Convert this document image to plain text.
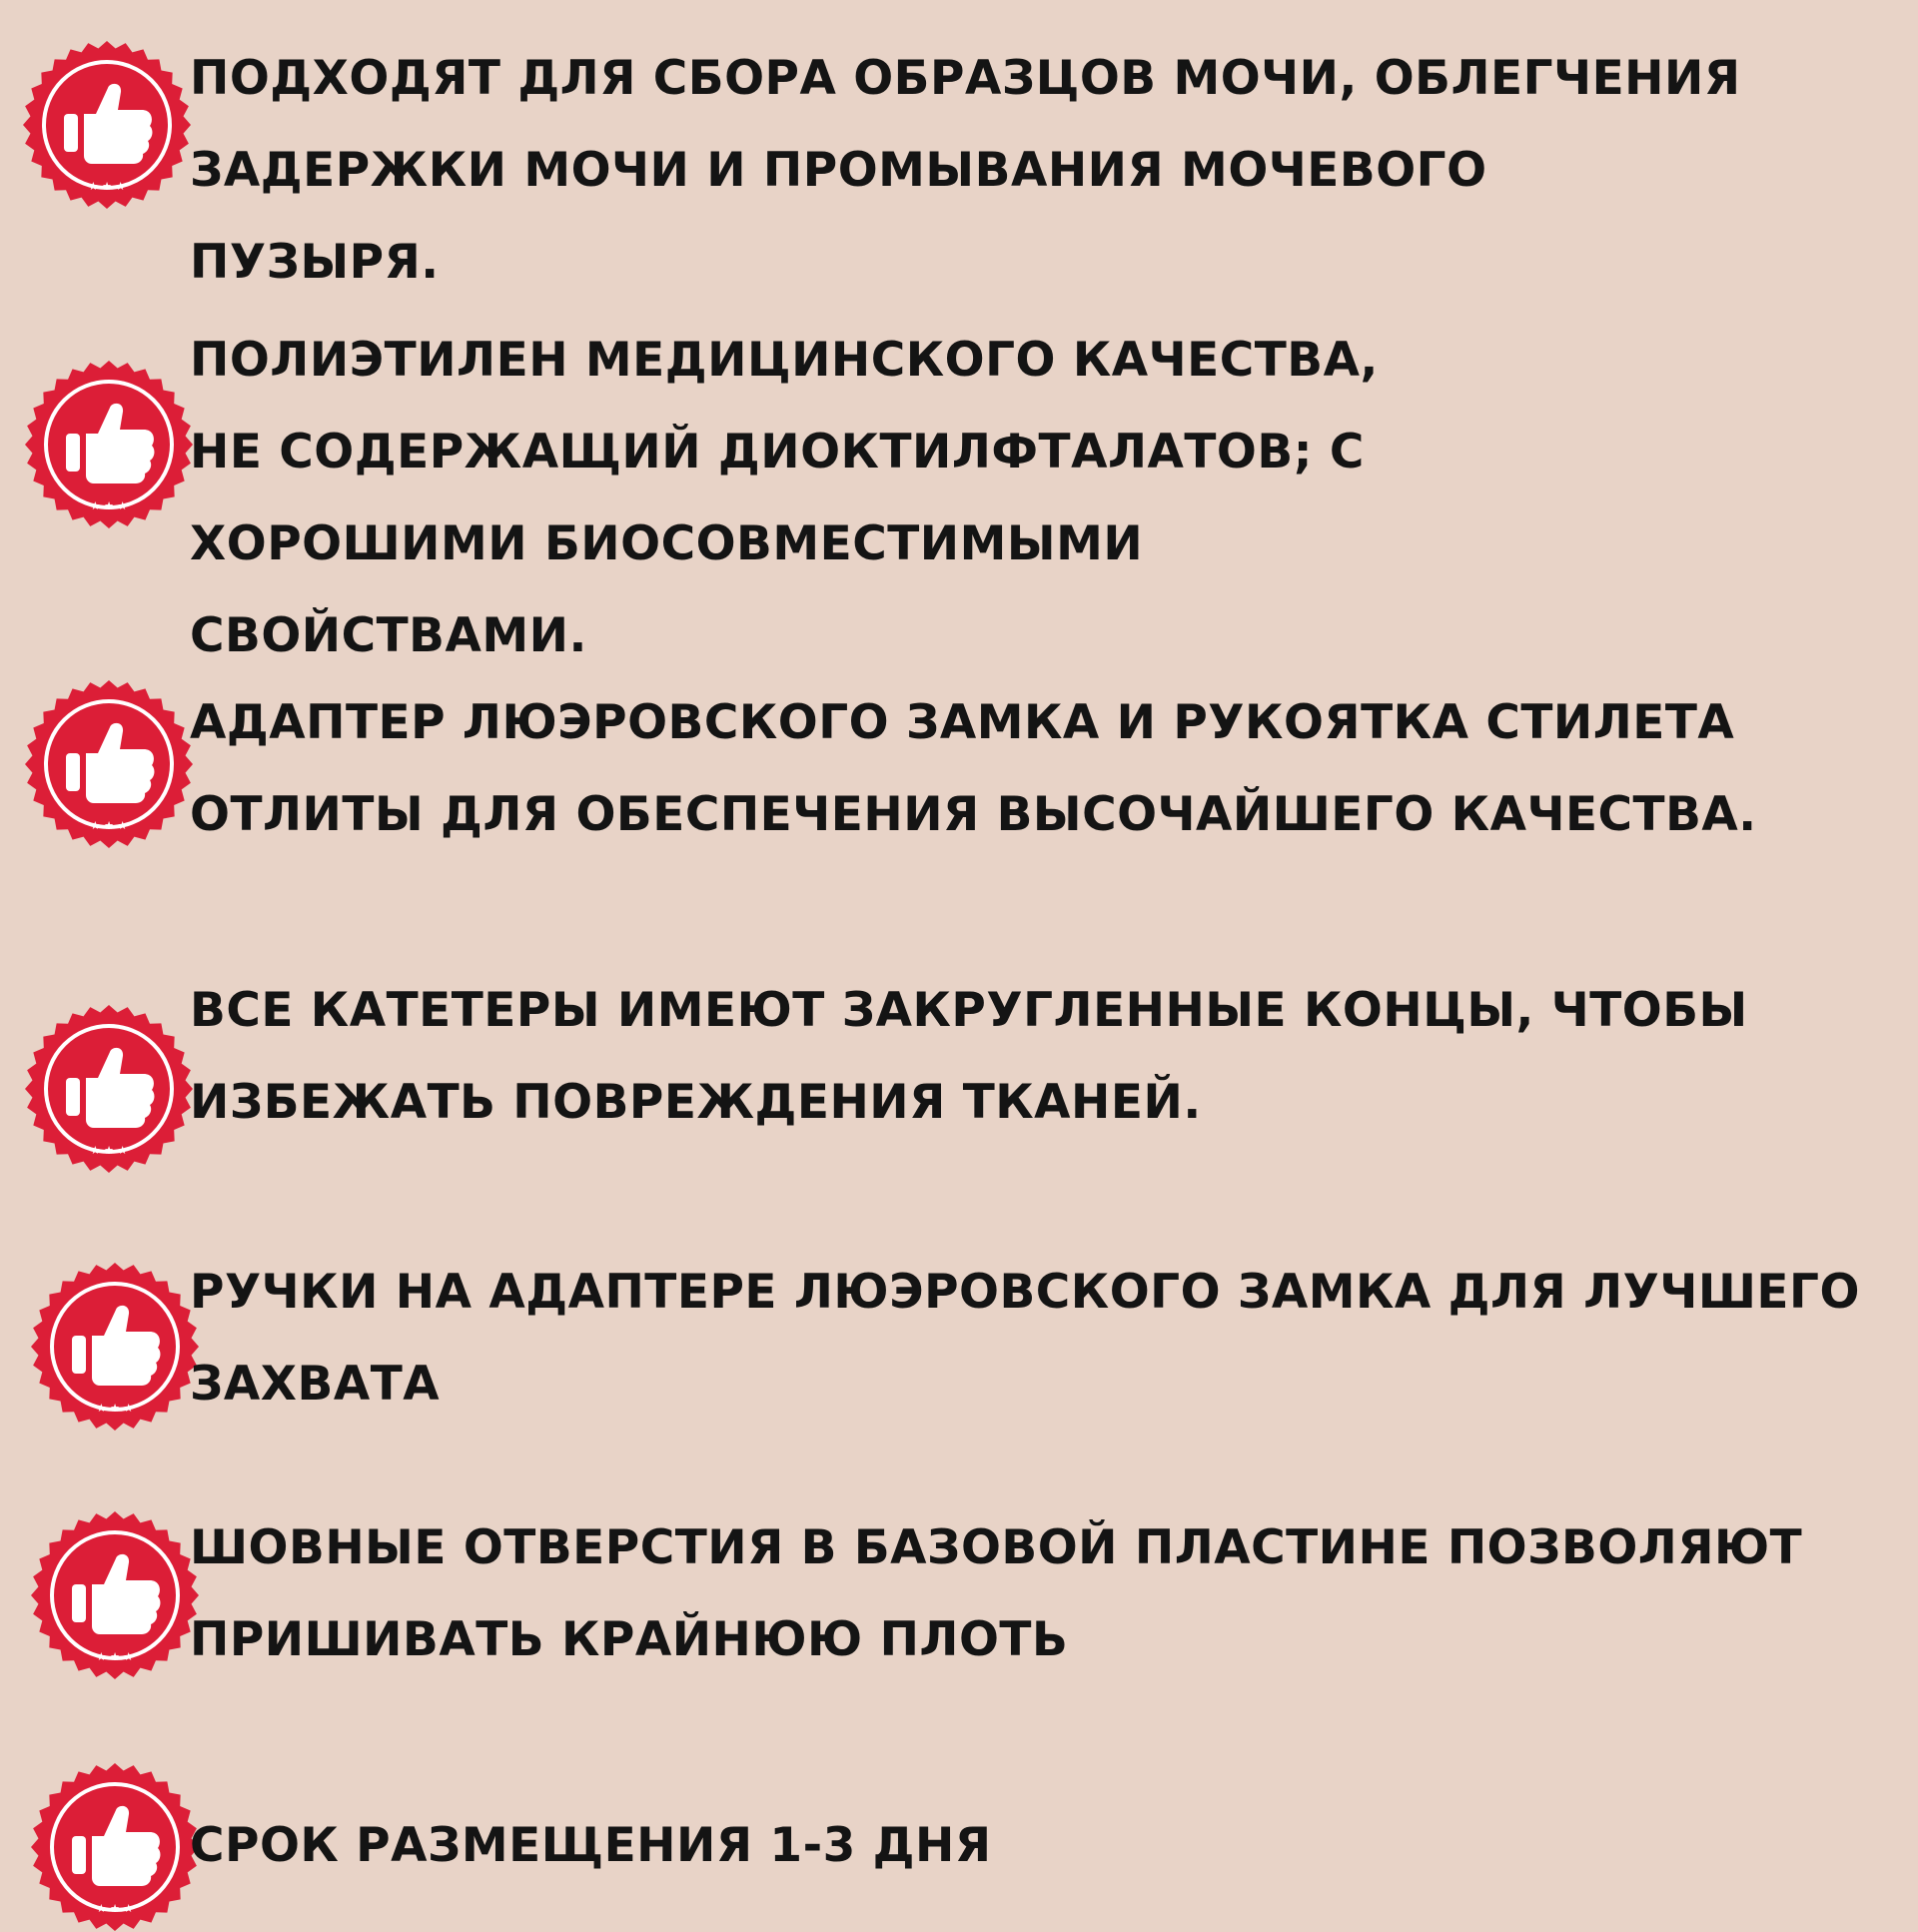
ПОДХОДЯТ ДЛЯ СБОРА ОБРАЗЦОВ МОЧИ, ОБЛЕГЧЕНИЯ ЗАДЕРЖКИ МОЧИ И ПРОМЫВАНИЯ МОЧЕВОГО ПУЗЫРЯ.

ПОЛИЭТИЛЕН МЕДИЦИНСКОГО КАЧЕСТВА, НЕ СОДЕРЖАЩИЙ ДИОКТИЛФТАЛАТОВ; С ХОРОШИМИ БИОСОВМЕСТИМЫМИ СВОЙСТВАМИ.

АДАПТЕР ЛЮЭРОВСКОГО ЗАМКА И РУКОЯТКА СТИЛЕТА ОТЛИТЫ ДЛЯ ОБЕСПЕЧЕНИЯ ВЫСОЧАЙШЕГО КАЧЕСТВА.

ВСЕ КАТЕТЕРЫ ИМЕЮТ ЗАКРУГЛЕННЫЕ КОНЦЫ, ЧТОБЫ ИЗБЕЖАТЬ ПОВРЕЖДЕНИЯ ТКАНЕЙ.

РУЧКИ НА АДАПТЕРЕ ЛЮЭРОВСКОГО ЗАМКА ДЛЯ ЛУЧШЕГО ЗАХВАТА

ШОВНЫЕ ОТВЕРСТИЯ В БАЗОВОЙ ПЛАСТИНЕ ПОЗВОЛЯЮТ ПРИШИВАТЬ КРАЙНЮЮ ПЛОТЬ

СРОК РАЗМЕЩЕНИЯ 1-3 ДНЯ
